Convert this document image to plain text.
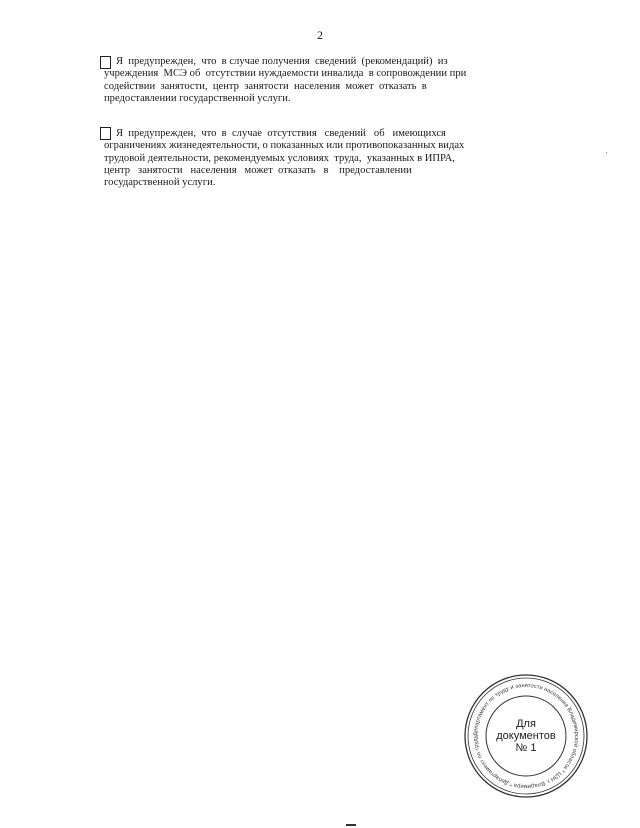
2
Я  предупрежден,  что  в случае получения  сведений  (рекомендаций)  из
учреждения  МСЭ об  отсутствии нуждаемости инвалида  в сопровождении при
содействии  занятости,  центр  занятости  населения  может  отказать  в
предоставлении государственной услуги.
Я  предупрежден,  что  в  случае  отсутствия   сведений   об   имеющихся
ограничениях жизнедеятельности, о показанных или противопоказанных видах
трудовой деятельности, рекомендуемых условиях  труда,  указанных в ИПРА,
центр   занятости   населения   может  отказать   в    предоставлении
государственной услуги.
Департамент по труду и занятости населения Владимирской области * ЦЗН г. Владимира * Департамент по труду
Для
документов
№ 1
